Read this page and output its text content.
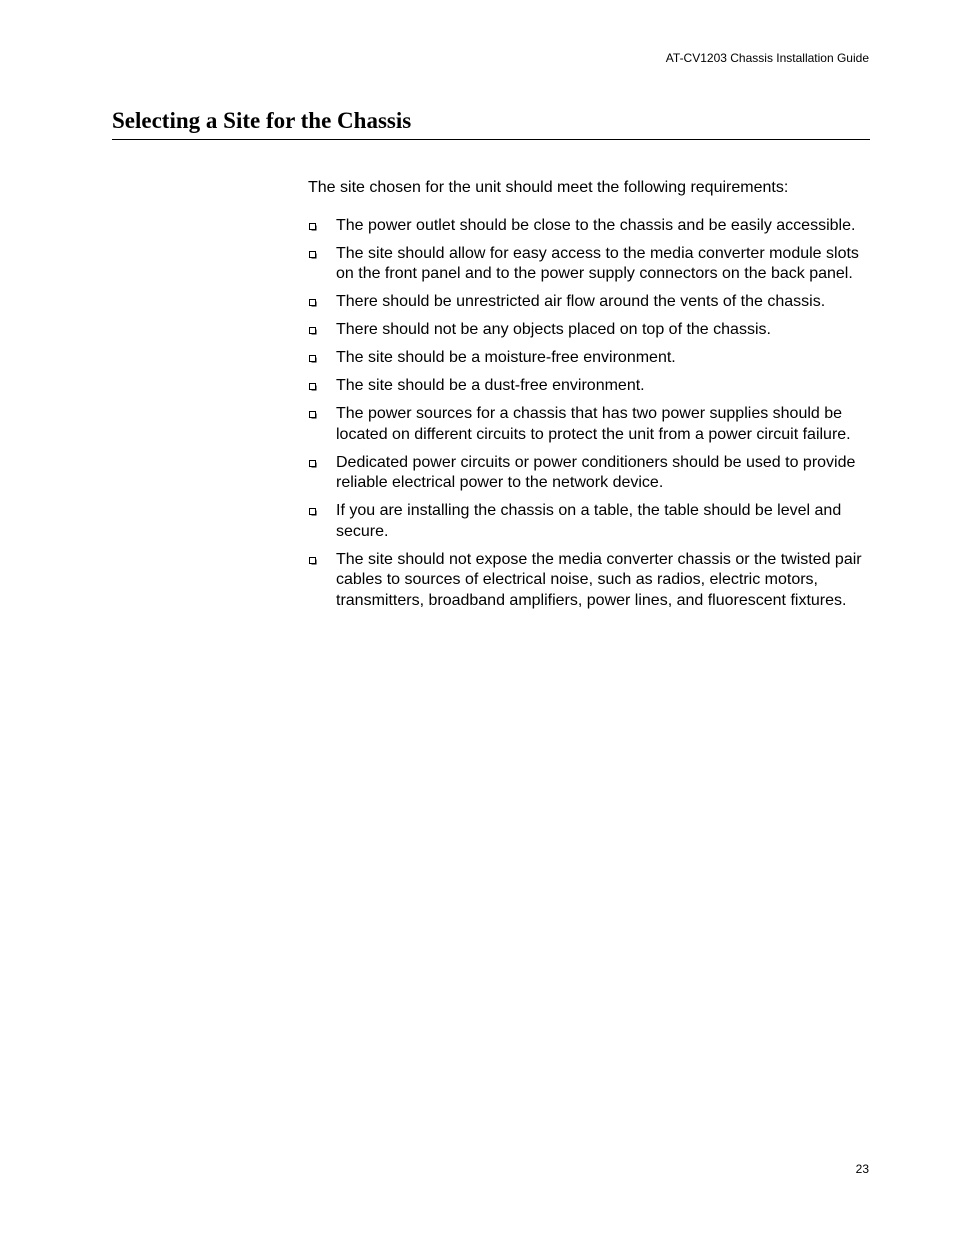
AT-CV1203 Chassis Installation Guide
Selecting a Site for the Chassis

The site chosen for the unit should meet the following requirements:

The power outlet should be close to the chassis and be easily accessible.
The site should allow for easy access to the media converter module slots on the front panel and to the power supply connectors on the back panel.
There should be unrestricted air flow around the vents of the chassis.
There should not be any objects placed on top of the chassis.
The site should be a moisture-free environment.
The site should be a dust-free environment.
The power sources for a chassis that has two power supplies should be located on different circuits to protect the unit from a power circuit failure.
Dedicated power circuits or power conditioners should be used to provide reliable electrical power to the network device.
If you are installing the chassis on a table, the table should be level and secure.
The site should not expose the media converter chassis or the twisted pair cables to sources of electrical noise, such as radios, electric motors, transmitters, broadband amplifiers, power lines, and fluorescent fixtures.
23
